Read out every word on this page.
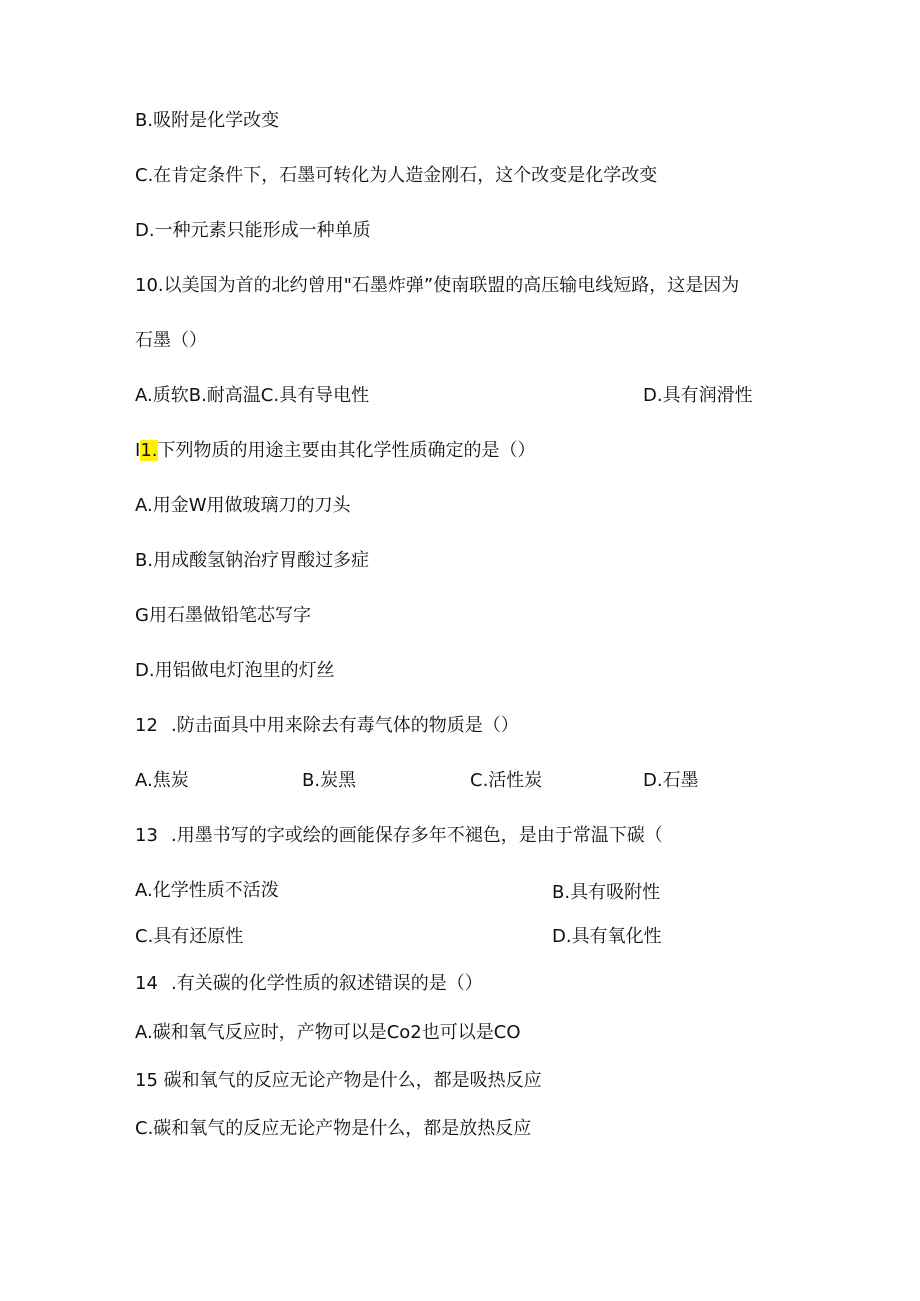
B.吸附是化学改变
C.在肯定条件下，石墨可转化为人造金刚石，这个改变是化学改变
D.一种元素只能形成一种单质
10.以美国为首的北约曾用"石墨炸弹”使南联盟的高压输电线短路，这是因为
石墨（）
A.质软B.耐高温C.具有导电性	D.具有润滑性
I1.下列物质的用途主要由其化学性质确定的是（）
A.用金W用做玻璃刀的刀头
B.用成酸氢钠治疗胃酸过多症
G用石墨做铅笔芯写字
D.用铝做电灯泡里的灯丝
12 .防击面具中用来除去有毒气体的物质是（）
A.焦炭	B.炭黑	C.活性炭	D.石墨
13 .用墨书写的字或绘的画能保存多年不褪色，是由于常温下碳（
A.化学性质不活泼	B.具有吸附性
C.具有还原性	D.具有氧化性
14 .有关碳的化学性质的叙述错误的是（）
A.碳和氧气反应时，产物可以是Co2也可以是CO
15 碳和氧气的反应无论产物是什么，都是吸热反应
C.碳和氧气的反应无论产物是什么，都是放热反应
